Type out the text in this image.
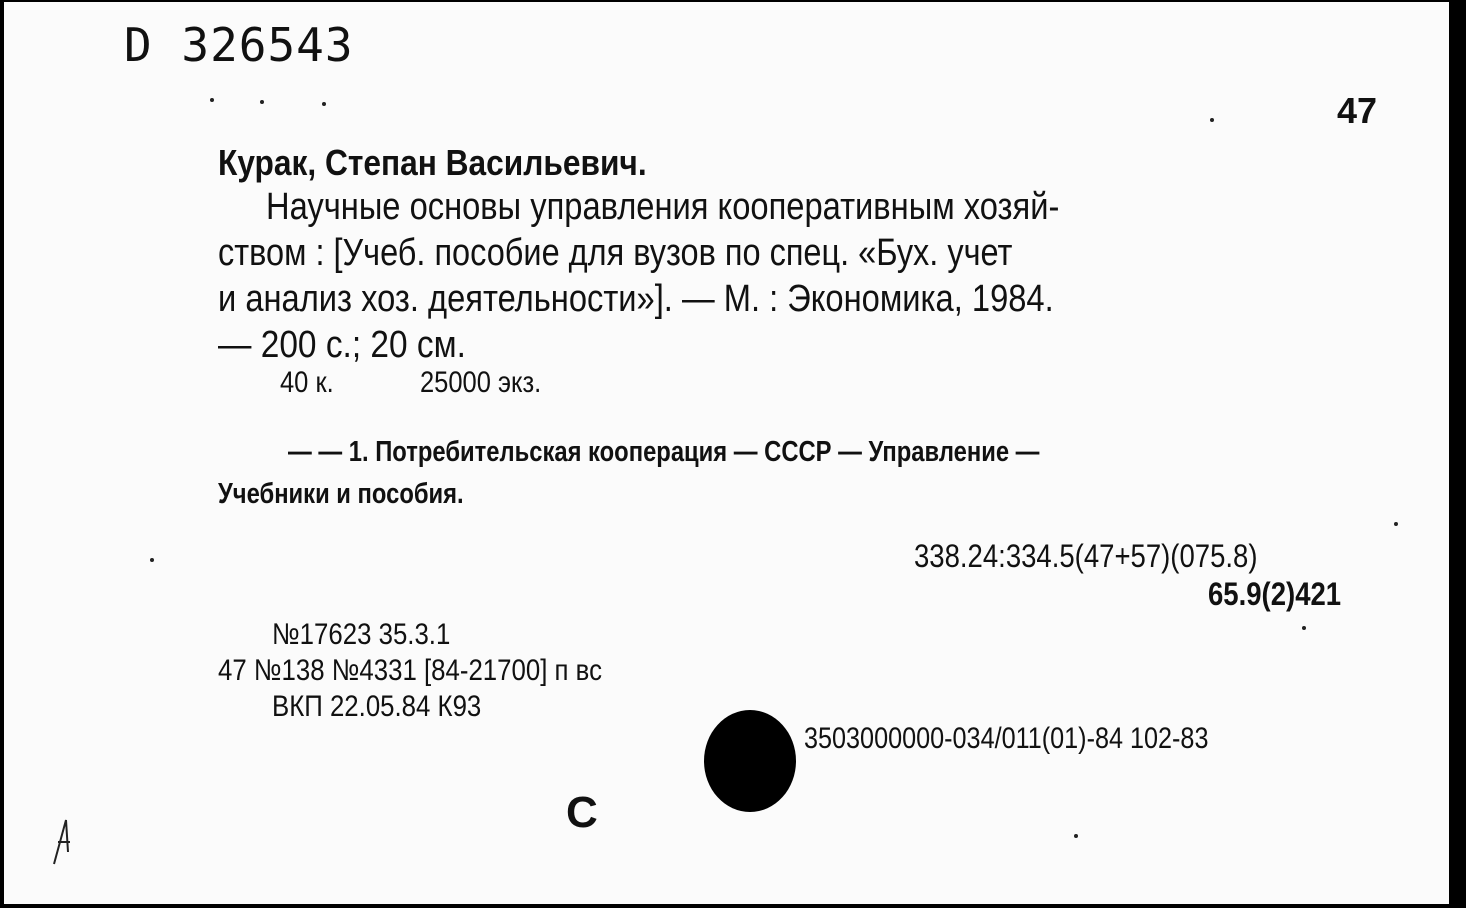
D 326543
47
Курак, Степан Васильевич.
Научные основы управления кооперативным хозяй-
ством : [Учеб. пособие для вузов по спец. «Бух. учет
и анализ хоз. деятельности»]. — М. : Экономика, 1984.
— 200 с.; 20 см.
40 к.	25000 экз.
— — 1. Потребительская кооперация — СССР — Управление —
Учебники и пособия.
338.24:334.5(47+57)(075.8)
65.9(2)421
№17623 35.3.1
47 №138 №4331 [84-21700] п вс
ВКП 22.05.84 К93
3503000000-034/011(01)-84 102-83
С
